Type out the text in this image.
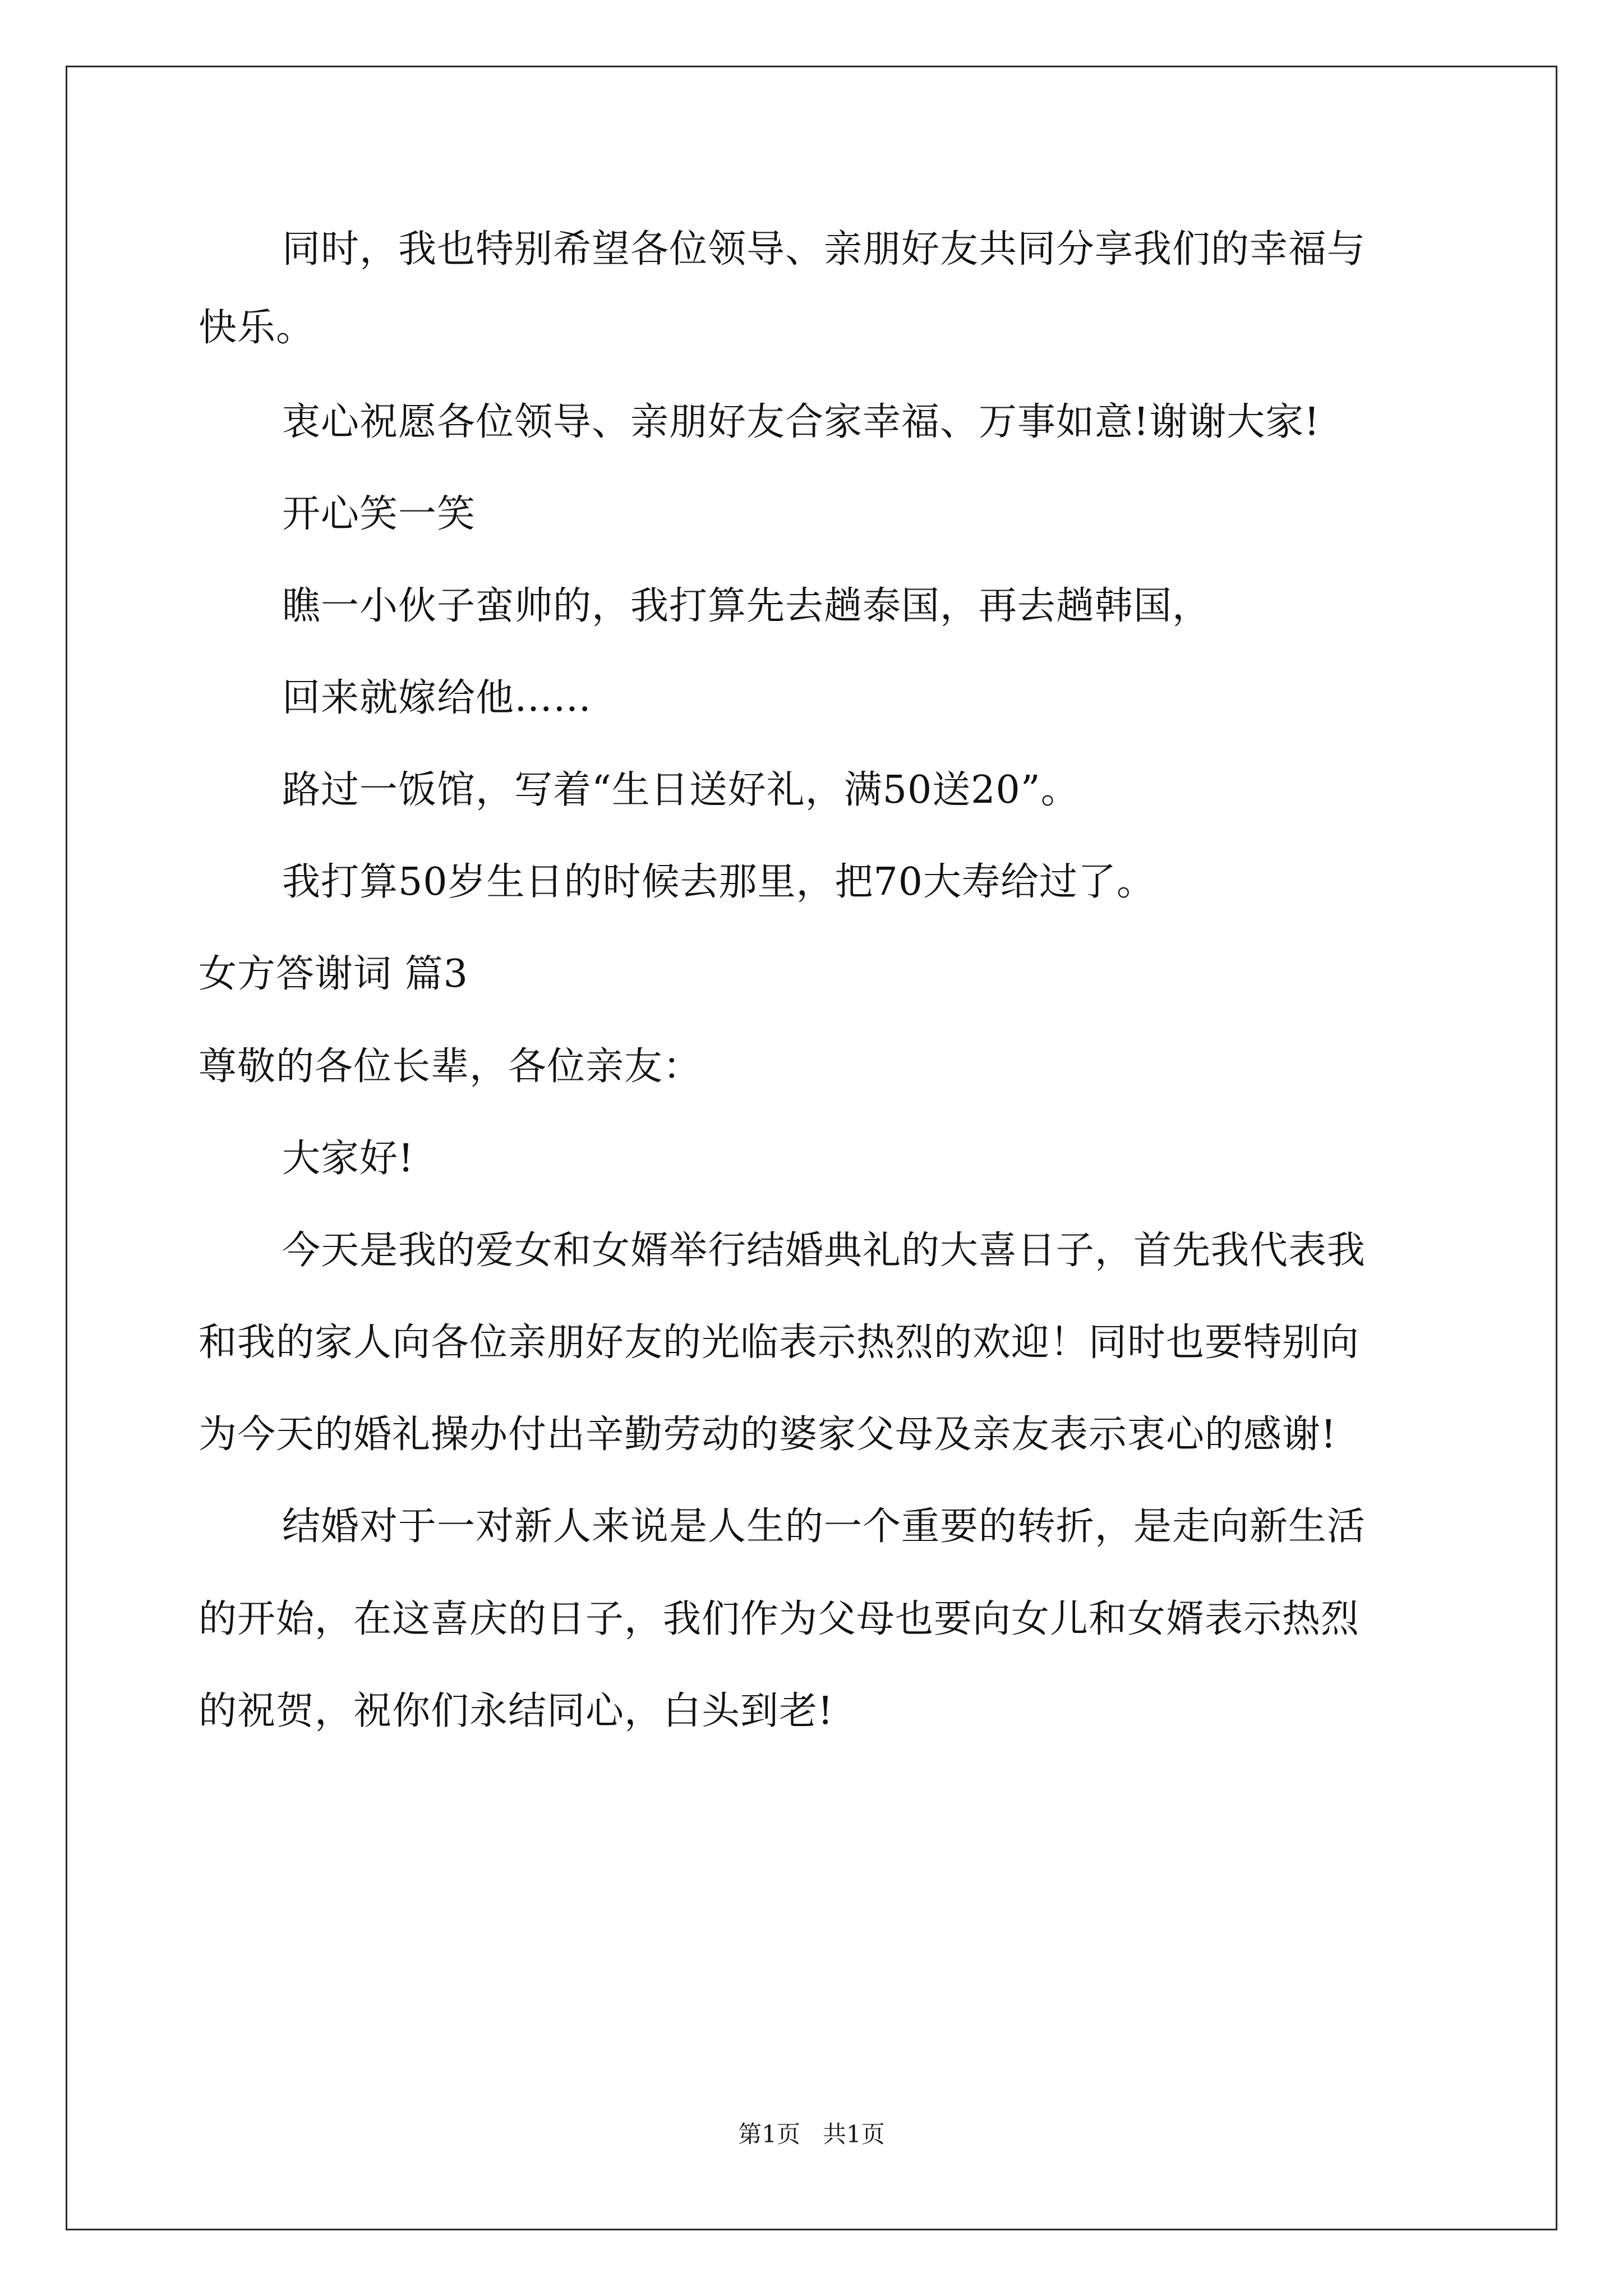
同时，我也特别希望各位领导、亲朋好友共同分享我们的幸福与
快乐。
衷心祝愿各位领导、亲朋好友合家幸福、万事如意!谢谢大家!
开心笑一笑
瞧一小伙子蛮帅的，我打算先去趟泰国，再去趟韩国，
回来就嫁给他……
路过一饭馆，写着“生日送好礼，满50送20”。
我打算50岁生日的时候去那里，把70大寿给过了。
女方答谢词 篇3
尊敬的各位长辈，各位亲友：
大家好!
今天是我的爱女和女婿举行结婚典礼的大喜日子，首先我代表我
和我的家人向各位亲朋好友的光临表示热烈的欢迎！同时也要特别向
为今天的婚礼操办付出辛勤劳动的婆家父母及亲友表示衷心的感谢!
结婚对于一对新人来说是人生的一个重要的转折，是走向新生活
的开始，在这喜庆的日子，我们作为父母也要向女儿和女婿表示热烈
的祝贺，祝你们永结同心，白头到老!
第1页   共1页
